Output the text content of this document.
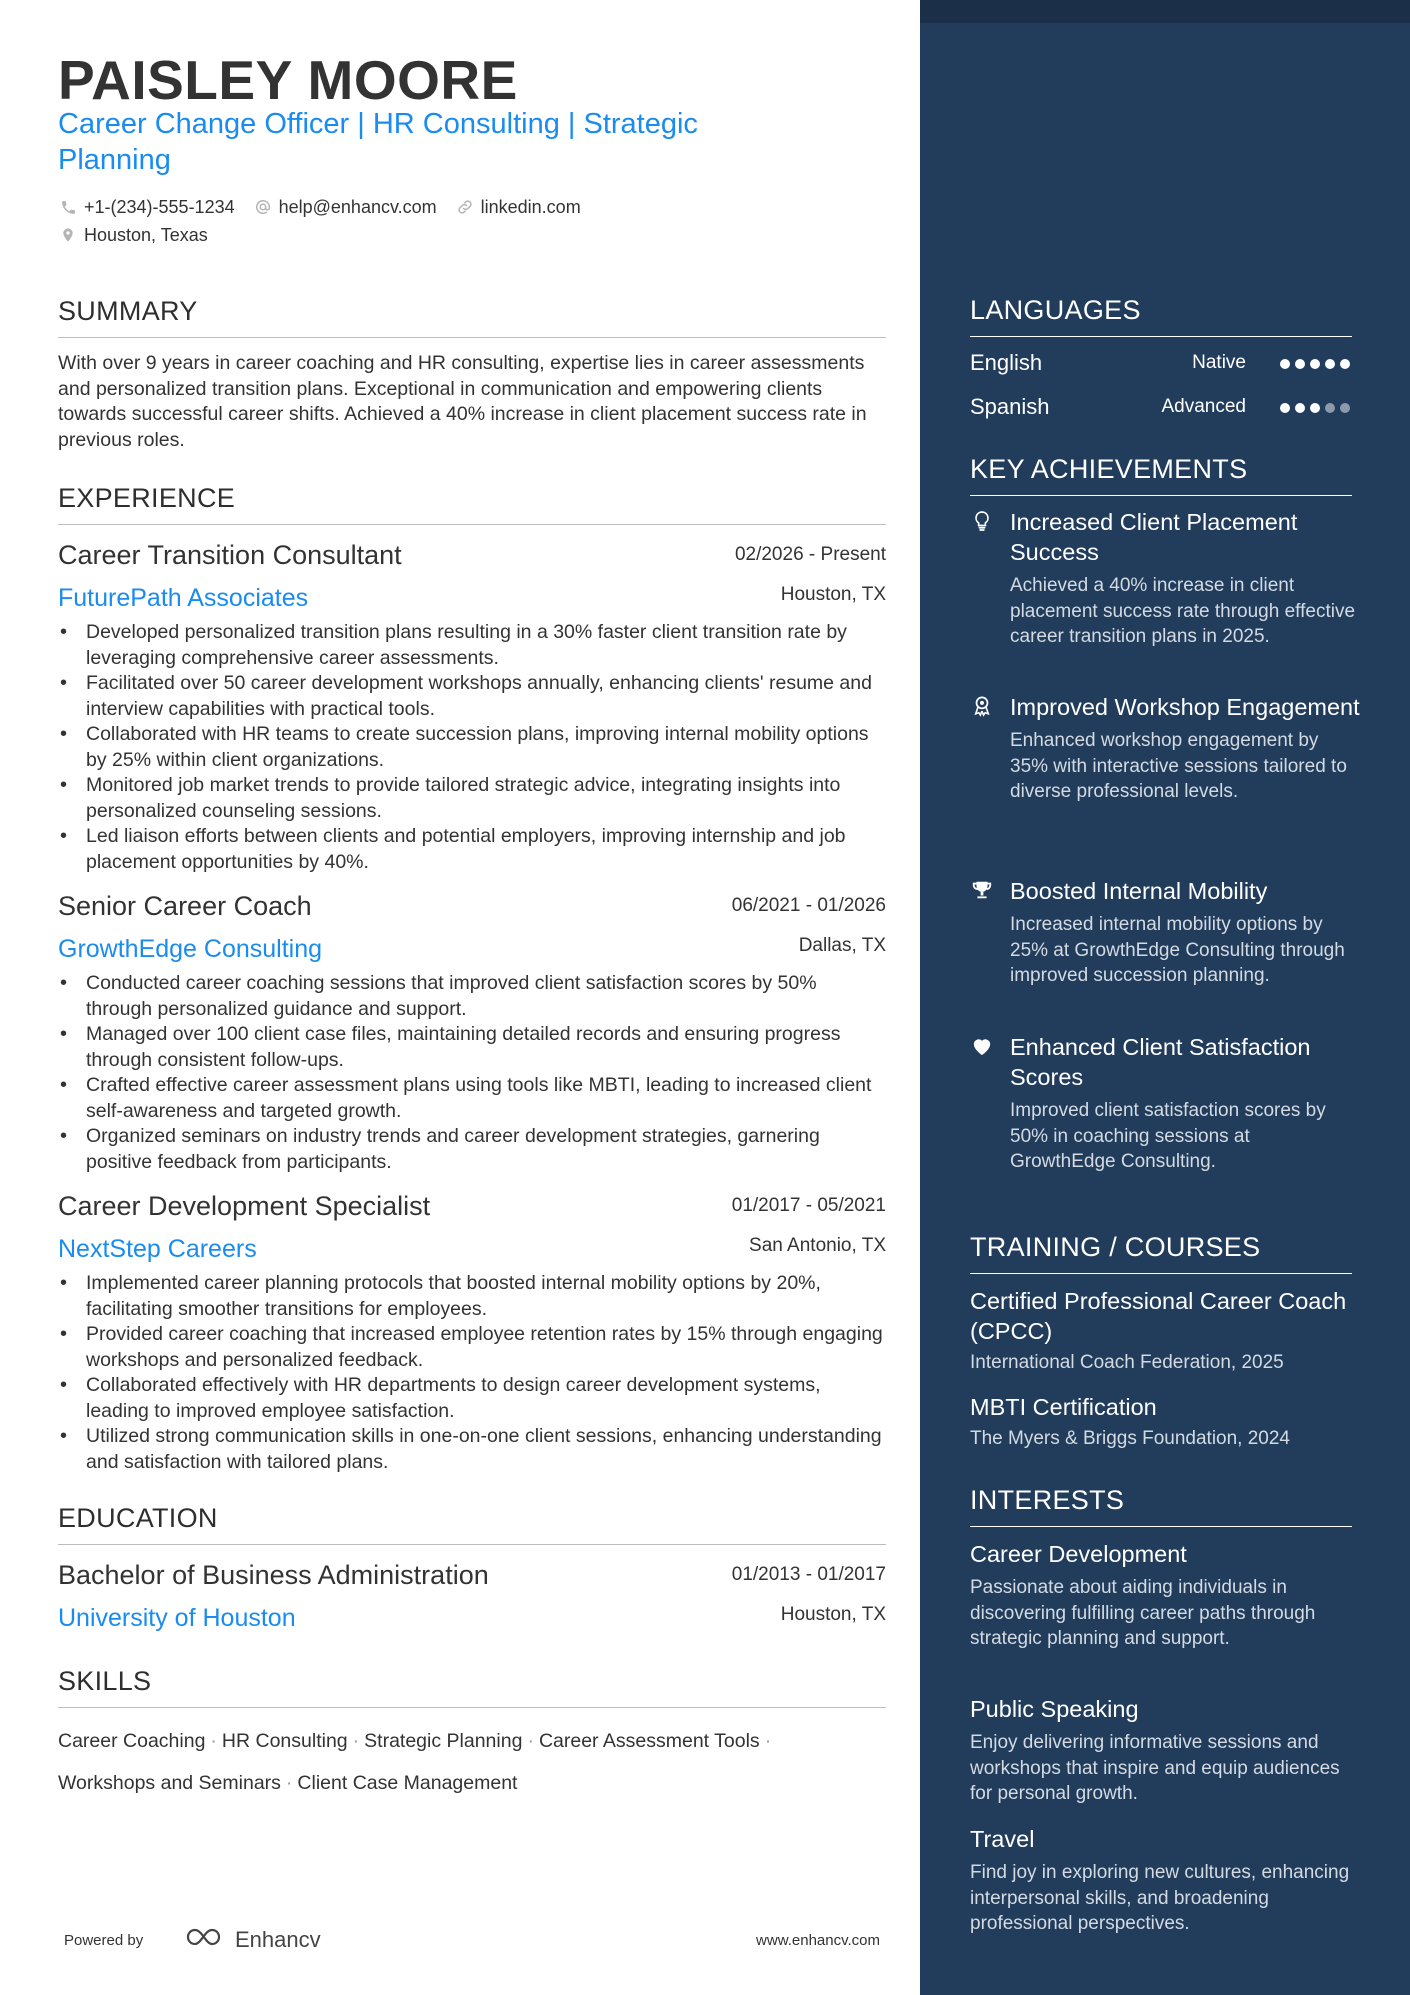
PAISLEY MOORE
Career Change Officer | HR Consulting | Strategic Planning
+1-(234)-555-1234 help@enhancv.com linkedin.com
Houston, Texas
SUMMARY
With over 9 years in career coaching and HR consulting, expertise lies in career assessments and personalized transition plans. Exceptional in communication and empowering clients towards successful career shifts. Achieved a 40% increase in client placement success rate in previous roles.
EXPERIENCE
Career Transition Consultant	02/2026 - Present
FuturePath Associates	Houston, TX
• Developed personalized transition plans resulting in a 30% faster client transition rate by leveraging comprehensive career assessments.
• Facilitated over 50 career development workshops annually, enhancing clients' resume and interview capabilities with practical tools.
• Collaborated with HR teams to create succession plans, improving internal mobility options by 25% within client organizations.
• Monitored job market trends to provide tailored strategic advice, integrating insights into personalized counseling sessions.
• Led liaison efforts between clients and potential employers, improving internship and job placement opportunities by 40%.
Senior Career Coach	06/2021 - 01/2026
GrowthEdge Consulting	Dallas, TX
• Conducted career coaching sessions that improved client satisfaction scores by 50% through personalized guidance and support.
• Managed over 100 client case files, maintaining detailed records and ensuring progress through consistent follow-ups.
• Crafted effective career assessment plans using tools like MBTI, leading to increased client self-awareness and targeted growth.
• Organized seminars on industry trends and career development strategies, garnering positive feedback from participants.
Career Development Specialist	01/2017 - 05/2021
NextStep Careers	San Antonio, TX
• Implemented career planning protocols that boosted internal mobility options by 20%, facilitating smoother transitions for employees.
• Provided career coaching that increased employee retention rates by 15% through engaging workshops and personalized feedback.
• Collaborated effectively with HR departments to design career development systems, leading to improved employee satisfaction.
• Utilized strong communication skills in one-on-one client sessions, enhancing understanding and satisfaction with tailored plans.
EDUCATION
Bachelor of Business Administration	01/2013 - 01/2017
University of Houston	Houston, TX
SKILLS
Career Coaching · HR Consulting · Strategic Planning · Career Assessment Tools ·
Workshops and Seminars · Client Case Management
Powered by	Enhancv	www.enhancv.com
LANGUAGES
English	Native
Spanish	Advanced
KEY ACHIEVEMENTS
Increased Client Placement Success
Achieved a 40% increase in client placement success rate through effective career transition plans in 2025.
Improved Workshop Engagement
Enhanced workshop engagement by 35% with interactive sessions tailored to diverse professional levels.
Boosted Internal Mobility
Increased internal mobility options by 25% at GrowthEdge Consulting through improved succession planning.
Enhanced Client Satisfaction Scores
Improved client satisfaction scores by 50% in coaching sessions at GrowthEdge Consulting.
TRAINING / COURSES
Certified Professional Career Coach (CPCC)
International Coach Federation, 2025
MBTI Certification
The Myers & Briggs Foundation, 2024
INTERESTS
Career Development
Passionate about aiding individuals in discovering fulfilling career paths through strategic planning and support.
Public Speaking
Enjoy delivering informative sessions and workshops that inspire and equip audiences for personal growth.
Travel
Find joy in exploring new cultures, enhancing interpersonal skills, and broadening professional perspectives.
